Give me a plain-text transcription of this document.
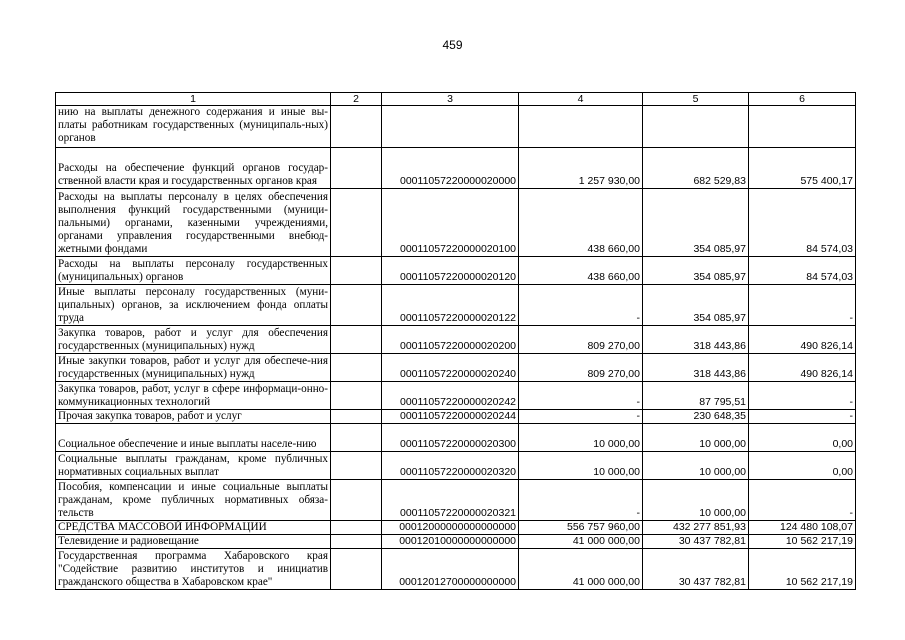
459
1	2	3	4	5	6
нию на выплаты денежного содержания и иные вы-платы работникам государственных (муниципаль-ных) органов					
Расходы на обеспечение функций органов государ-ственной власти края и государственных органов края		00011057220000020000	1 257 930,00	682 529,83	575 400,17
Расходы на выплаты персоналу в целях обеспечения выполнения функций государственными (муници-пальными) органами, казенными учреждениями, органами управления государственными внебюд-жетными фондами		00011057220000020100	438 660,00	354 085,97	84 574,03
Расходы на выплаты персоналу государственных (муниципальных) органов		00011057220000020120	438 660,00	354 085,97	84 574,03
Иные выплаты персоналу государственных (муни-ципальных) органов, за исключением фонда оплаты труда		00011057220000020122	-	354 085,97	-
Закупка товаров, работ и услуг для обеспечения государственных (муниципальных) нужд		00011057220000020200	809 270,00	318 443,86	490 826,14
Иные закупки товаров, работ и услуг для обеспече-ния государственных (муниципальных) нужд		00011057220000020240	809 270,00	318 443,86	490 826,14
Закупка товаров, работ, услуг в сфере информаци-онно-коммуникационных технологий		00011057220000020242	-	87 795,51	-
Прочая закупка товаров, работ и услуг		00011057220000020244	-	230 648,35	-
Социальное обеспечение и иные выплаты населе-нию		00011057220000020300	10 000,00	10 000,00	0,00
Социальные выплаты гражданам, кроме публичных нормативных социальных выплат		00011057220000020320	10 000,00	10 000,00	0,00
Пособия, компенсации и иные социальные выплаты гражданам, кроме публичных нормативных обяза-тельств		00011057220000020321	-	10 000,00	-
СРЕДСТВА МАССОВОЙ ИНФОРМАЦИИ		00012000000000000000	556 757 960,00	432 277 851,93	124 480 108,07
Телевидение и радиовещание		00012010000000000000	41 000 000,00	30 437 782,81	10 562 217,19
Государственная программа Хабаровского края "Содействие развитию институтов и инициатив гражданского общества в Хабаровском крае"		00012012700000000000	41 000 000,00	30 437 782,81	10 562 217,19
